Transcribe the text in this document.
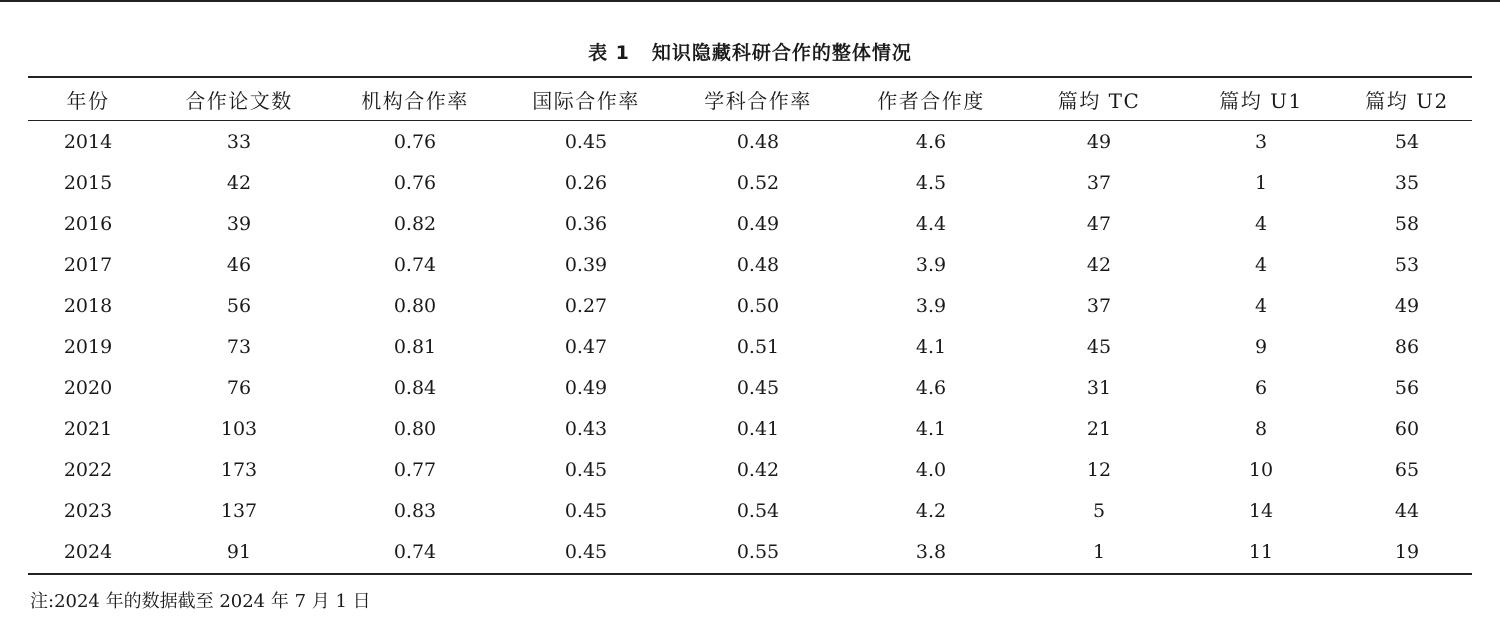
表 1 知识隐藏科研合作的整体情况
年份	合作论文数	机构合作率	国际合作率	学科合作率	作者合作度	篇均 TC	篇均 U1	篇均 U2
2014	33	0.76	0.45	0.48	4.6	49	3	54
2015	42	0.76	0.26	0.52	4.5	37	1	35
2016	39	0.82	0.36	0.49	4.4	47	4	58
2017	46	0.74	0.39	0.48	3.9	42	4	53
2018	56	0.80	0.27	0.50	3.9	37	4	49
2019	73	0.81	0.47	0.51	4.1	45	9	86
2020	76	0.84	0.49	0.45	4.6	31	6	56
2021	103	0.80	0.43	0.41	4.1	21	8	60
2022	173	0.77	0.45	0.42	4.0	12	10	65
2023	137	0.83	0.45	0.54	4.2	5	14	44
2024	91	0.74	0.45	0.55	3.8	1	11	19
注:2024 年的数据截至 2024 年 7 月 1 日
